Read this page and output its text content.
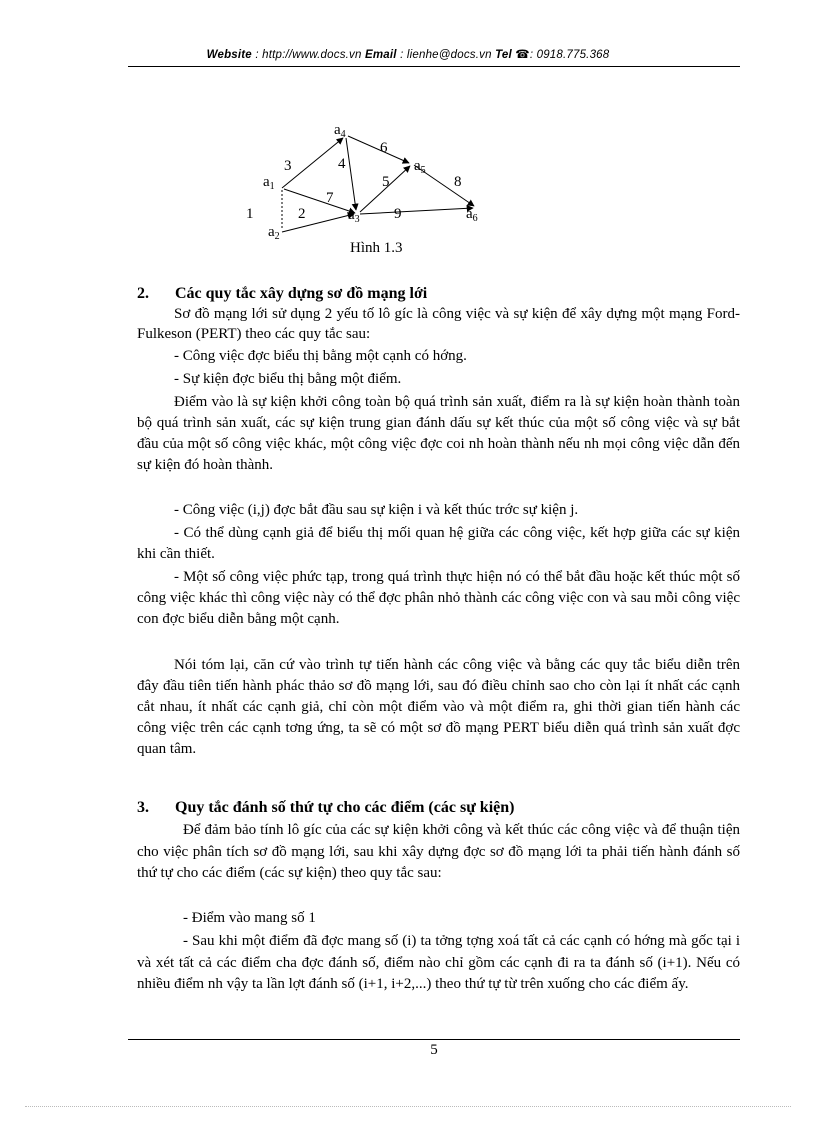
Website : http://www.docs.vn Email : lienhe@docs.vn Tel ☎: 0918.775.368
$a_4$
$a_1$
$a_5$
$a_3$	$a_6$
$a_2$
1	2
3	4
5
6
7
8
9
Hình 1.3
2. Các quy tắc xây dựng sơ đồ mạng lới
Sơ đồ mạng lới sử dụng 2 yếu tố lô gíc là công việc và sự kiện để xây dựng một mạng Ford-Fulkeson (PERT) theo các quy tắc sau:
- Công việc đợc biểu thị bằng một cạnh có hớng.
- Sự kiện đợc biểu thị bằng một điểm.
Điểm vào là sự kiện khởi công toàn bộ quá trình sản xuất, điểm ra là sự kiện hoàn thành toàn bộ quá trình sản xuất, các sự kiện trung gian đánh dấu sự kết thúc của một số công việc và sự bắt đầu của một số công việc khác, một công việc đợc coi nh hoàn thành nếu nh mọi công việc dẫn đến sự kiện đó hoàn thành.
- Công việc (i,j) đợc bắt đầu sau sự kiện i và kết thúc trớc sự kiện j.
- Có thể dùng cạnh giả để biểu thị mối quan hệ giữa các công việc, kết hợp giữa các sự kiện khi cần thiết.
- Một số công việc phức tạp, trong quá trình thực hiện nó có thể bắt đầu hoặc kết thúc một số công việc khác thì công việc này có thể đợc phân nhỏ thành các công việc con và sau mỗi công việc con đợc biểu diễn bằng một cạnh.
Nói tóm lại, căn cứ vào trình tự tiến hành các công việc và bằng các quy tắc biểu diễn trên đây đầu tiên tiến hành phác thảo sơ đồ mạng lới, sau đó điều chỉnh sao cho còn lại ít nhất các cạnh cắt nhau, ít nhất các cạnh giả, chỉ còn một điểm vào và một điểm ra, ghi thời gian tiến hành các công việc trên các cạnh tơng ứng, ta sẽ có một sơ đồ mạng PERT biểu diễn quá trình sản xuất đợc quan tâm.
3. Quy tắc đánh số thứ tự cho các điểm (các sự kiện)
Để đảm bảo tính lô gíc của các sự kiện khởi công và kết thúc các công việc và để thuận tiện cho việc phân tích sơ đồ mạng lới, sau khi xây dựng đợc sơ đồ mạng lới ta phải tiến hành đánh số thứ tự cho các điểm (các sự kiện) theo quy tắc sau:
- Điểm vào mang số 1
- Sau khi một điểm đã đợc mang số (i) ta tởng tợng xoá tất cả các cạnh có hớng mà gốc tại i và xét tất cả các điểm cha đợc đánh số, điểm nào chỉ gồm các cạnh đi ra ta đánh số (i+1). Nếu có nhiều điểm nh vậy ta lần lợt đánh số (i+1, i+2,...) theo thứ tự từ trên xuống cho các điểm ấy.
5
